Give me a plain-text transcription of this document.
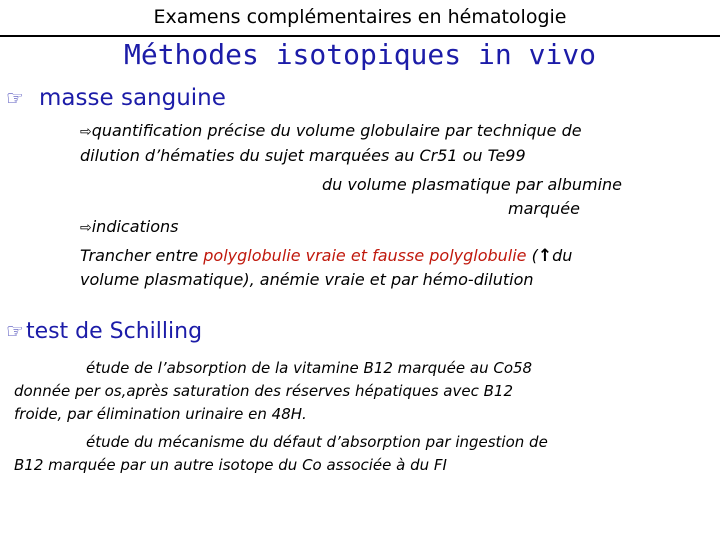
Examens complémentaires en hématologie
Méthodes isotopiques in vivo
☞ masse sanguine
⇨quantification précise du volume globulaire par technique de
dilution d’hématies du sujet marquées au Cr51 ou Te99
du volume plasmatique par albumine
marquée
⇨indications
Trancher entre polyglobulie vraie et fausse polyglobulie (↑du
volume plasmatique), anémie vraie et par hémo-dilution
☞test de Schilling
étude de l’absorption de la vitamine B12 marquée au Co58
donnée per os,après saturation des réserves hépatiques avec B12
froide, par élimination urinaire en 48H.
étude du mécanisme du défaut d’absorption par ingestion de
B12 marquée par un autre isotope du Co associée à du FI
